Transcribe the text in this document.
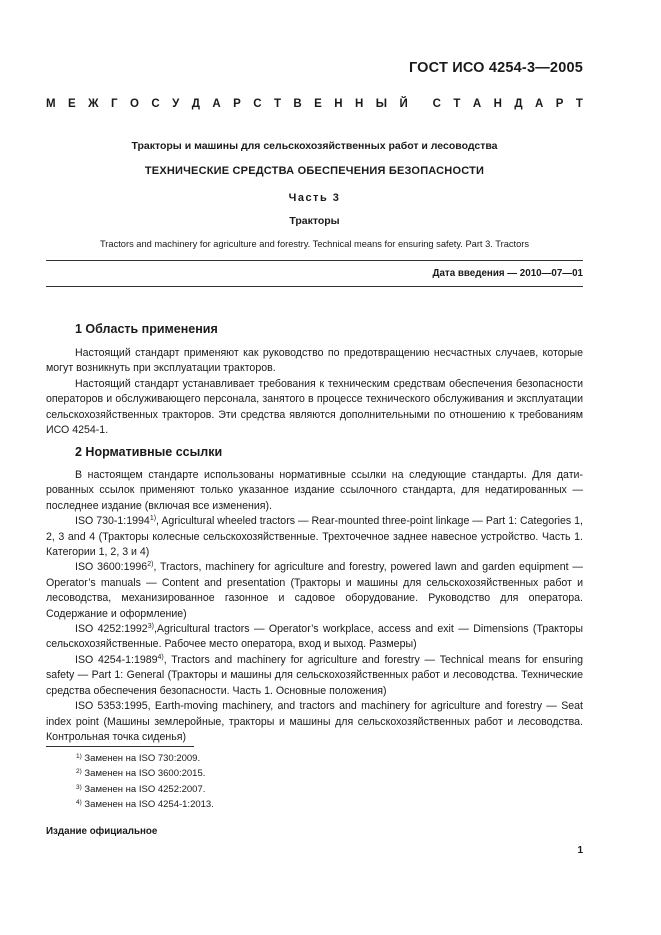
ГОСТ ИСО 4254-3—2005
М Е Ж Г О С У Д А Р С Т В Е Н Н Ы Й С Т А Н Д А Р Т
Тракторы и машины для сельскохозяйственных работ и лесоводства
ТЕХНИЧЕСКИЕ СРЕДСТВА ОБЕСПЕЧЕНИЯ БЕЗОПАСНОСТИ
Часть 3
Тракторы
Tractors and machinery for agriculture and forestry. Technical means for ensuring safety. Part 3. Tractors
Дата введения — 2010—07—01
1 Область применения

Настоящий стандарт применяют как руководство по предотвращению несчастных случаев, которые могут возникнуть при эксплуатации тракторов.

Настоящий стандарт устанавливает требования к техническим средствам обеспечения безопасности операторов и обслуживающего персонала, занятого в процессе технического обслуживания и эксплуатации сельскохозяйственных тракторов. Эти средства являются дополнительными по отношению к требованиям ИСО 4254-1.

2 Нормативные ссылки

В настоящем стандарте использованы нормативные ссылки на следующие стандарты. Для датированных ссылок применяют только указанное издание ссылочного стандарта, для недатированных — последнее издание (включая все изменения).

ISO 730-1:1994$^{1)}$, Agricultural wheeled tractors — Rear-mounted three-point linkage — Part 1: Categories 1, 2, 3 and 4 (Тракторы колесные сельскохозяйственные. Трехточечное заднее навесное устройство. Часть 1. Категории 1, 2, 3 и 4)

ISO 3600:1996$^{2)}$, Tractors, machinery for agriculture and forestry, powered lawn and garden equipment — Operator’s manuals — Content and presentation (Тракторы и машины для сельскохозяйственных работ и лесоводства, механизированное газонное и садовое оборудование. Руководство для оператора. Содержание и оформление)

ISO 4252:1992$^{3)}$,Agricultural tractors — Operator’s workplace, access and exit — Dimensions (Тракторы сельскохозяйственные. Рабочее место оператора, вход и выход. Размеры)

ISO 4254-1:1989$^{4)}$, Tractors and machinery for agriculture and forestry — Technical means for ensuring safety — Part 1: General (Тракторы и машины для сельскохозяйственных работ и лесоводства. Технические средства обеспечения безопасности. Часть 1. Основные положения)

ISO 5353:1995, Earth-moving machinery, and tractors and machinery for agriculture and forestry — Seat index point (Машины землеройные, тракторы и машины для сельскохозяйственных работ и лесоводства. Контрольная точка сиденья)

$^{1)}$ Заменен на ISO 730:2009.
$^{2)}$ Заменен на ISO 3600:2015.
$^{3)}$ Заменен на ISO 4252:2007.
$^{4)}$ Заменен на ISO 4254-1:2013.
Издание официальное
1
